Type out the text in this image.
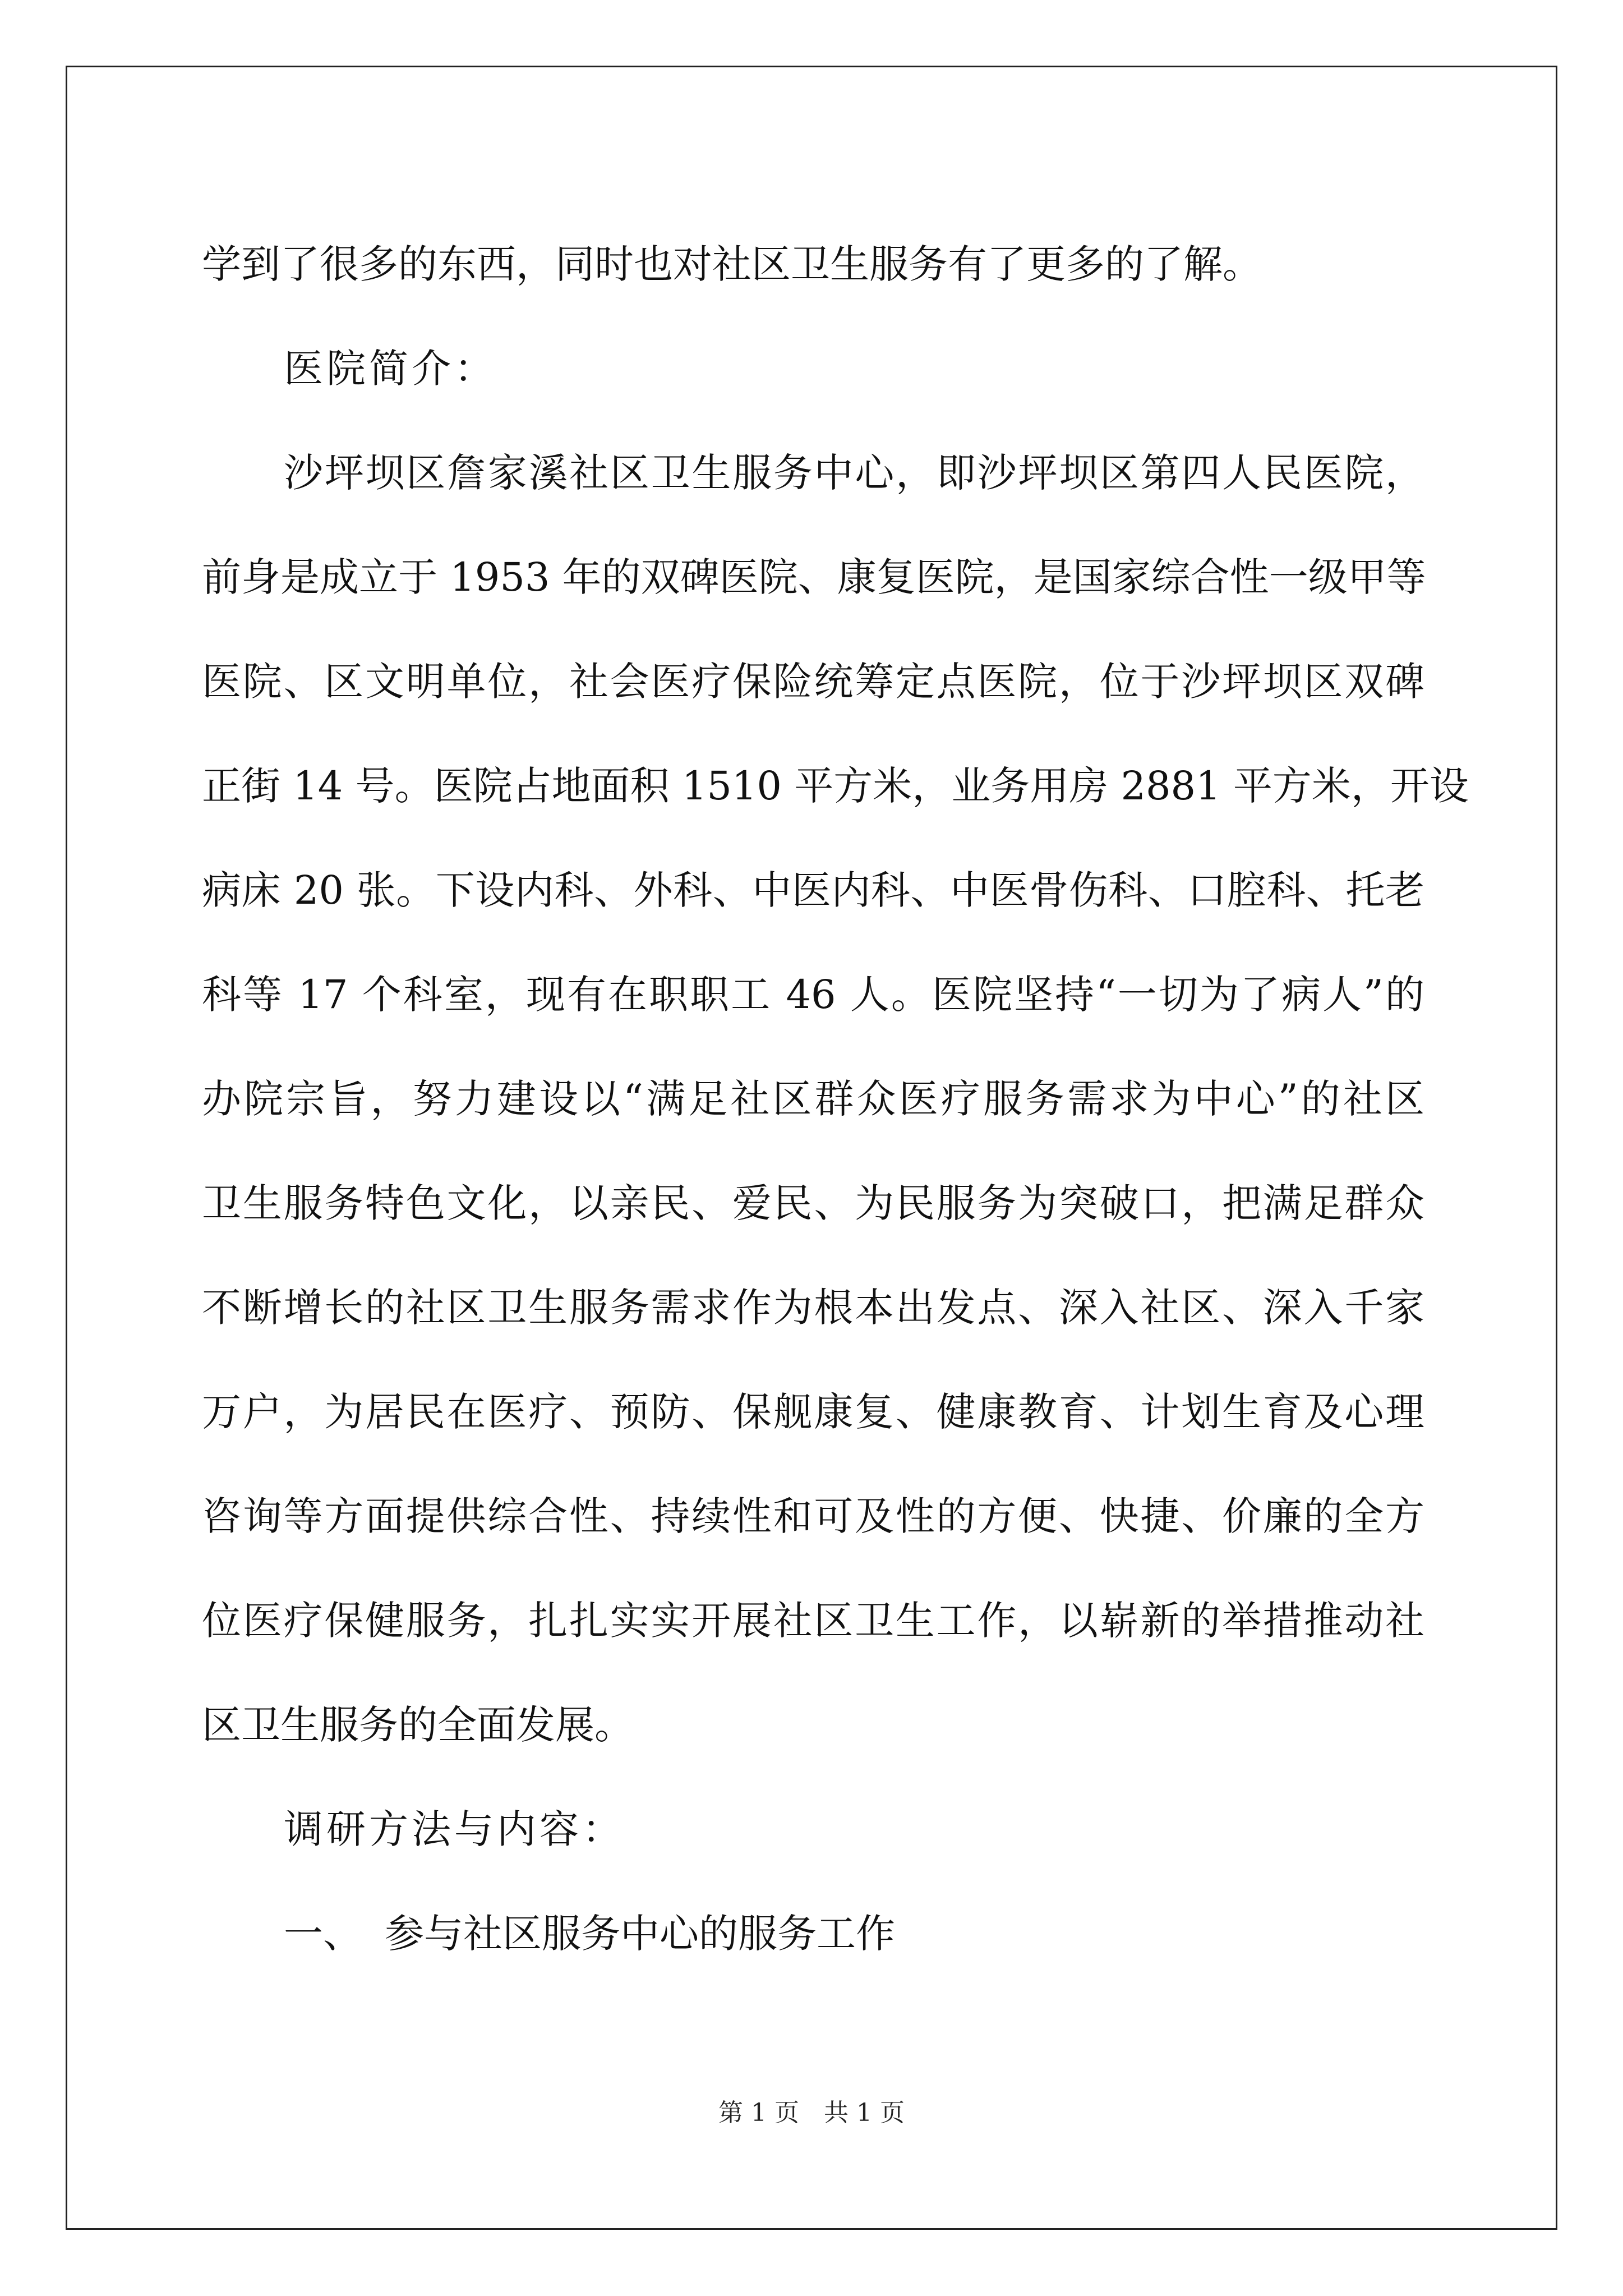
学到了很多的东西，同时也对社区卫生服务有了更多的了解。
医院简介：
沙坪坝区詹家溪社区卫生服务中心，即沙坪坝区第四人民医院，
前身是成立于 1953 年的双碑医院、康复医院，是国家综合性一级甲等
医院、区文明单位，社会医疗保险统筹定点医院，位于沙坪坝区双碑
正街 14 号。医院占地面积 1510 平方米，业务用房 2881 平方米，开设
病床 20 张。下设内科、外科、中医内科、中医骨伤科、口腔科、托老
科等 17 个科室，现有在职职工 46 人。医院坚持“一切为了病人”的
办院宗旨，努力建设以“满足社区群众医疗服务需求为中心”的社区
卫生服务特色文化，以亲民、爱民、为民服务为突破口，把满足群众
不断增长的社区卫生服务需求作为根本出发点、深入社区、深入千家
万户，为居民在医疗、预防、保舰康复、健康教育、计划生育及心理
咨询等方面提供综合性、持续性和可及性的方便、快捷、价廉的全方
位医疗保健服务，扎扎实实开展社区卫生工作，以崭新的举措推动社
区卫生服务的全面发展。
调研方法与内容：
一、 参与社区服务中心的服务工作
第 1 页　共 1 页
